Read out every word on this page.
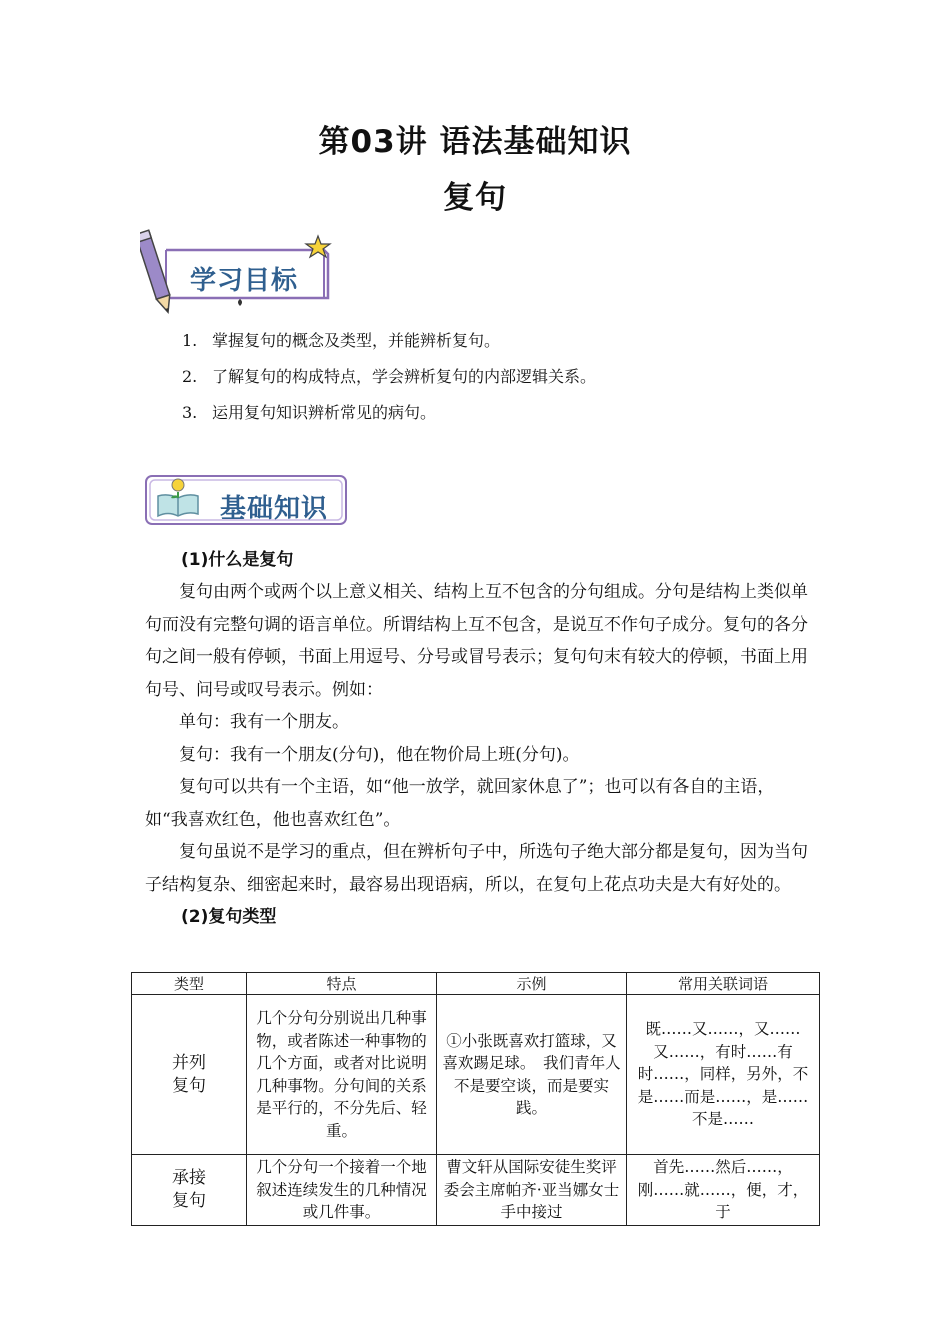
第03讲 语法基础知识
复句
学习目标
1. 掌握复句的概念及类型，并能辨析复句。
2. 了解复句的构成特点，学会辨析复句的内部逻辑关系。
3. 运用复句知识辨析常见的病句。
基础知识

(1)什么是复句

复句由两个或两个以上意义相关、结构上互不包含的分句组成。分句是结构上类似单句而没有完整句调的语言单位。所谓结构上互不包含，是说互不作句子成分。复句的各分句之间一般有停顿，书面上用逗号、分号或冒号表示；复句句末有较大的停顿，书面上用句号、问号或叹号表示。例如：

单句：我有一个朋友。

复句：我有一个朋友(分句)，他在物价局上班(分句)。

复句可以共有一个主语，如“他一放学，就回家休息了”；也可以有各自的主语，如“我喜欢红色，他也喜欢红色”。

复句虽说不是学习的重点，但在辨析句子中，所选句子绝大部分都是复句，因为当句子结构复杂、细密起来时，最容易出现语病，所以，在复句上花点功夫是大有好处的。

(2)复句类型

类型	特点	示例	常用关联词语

并列复句	几个分句分别说出几种事物，或者陈述一种事物的几个方面，或者对比说明几种事物。分句间的关系是平行的，不分先后、轻重。	①小张既喜欢打篮球，又喜欢踢足球。　我们青年人不是要空谈，而是要实践。	既……又……，又……又……，有时……有时……，同样，另外，不是……而是……，是……不是……

承接复句	几个分句一个接着一个地叙述连续发生的几种情况或几件事。	曹文轩从国际安徒生奖评委会主席帕齐·亚当娜女士手中接过	首先……然后……，刚……就……，便，才，于
